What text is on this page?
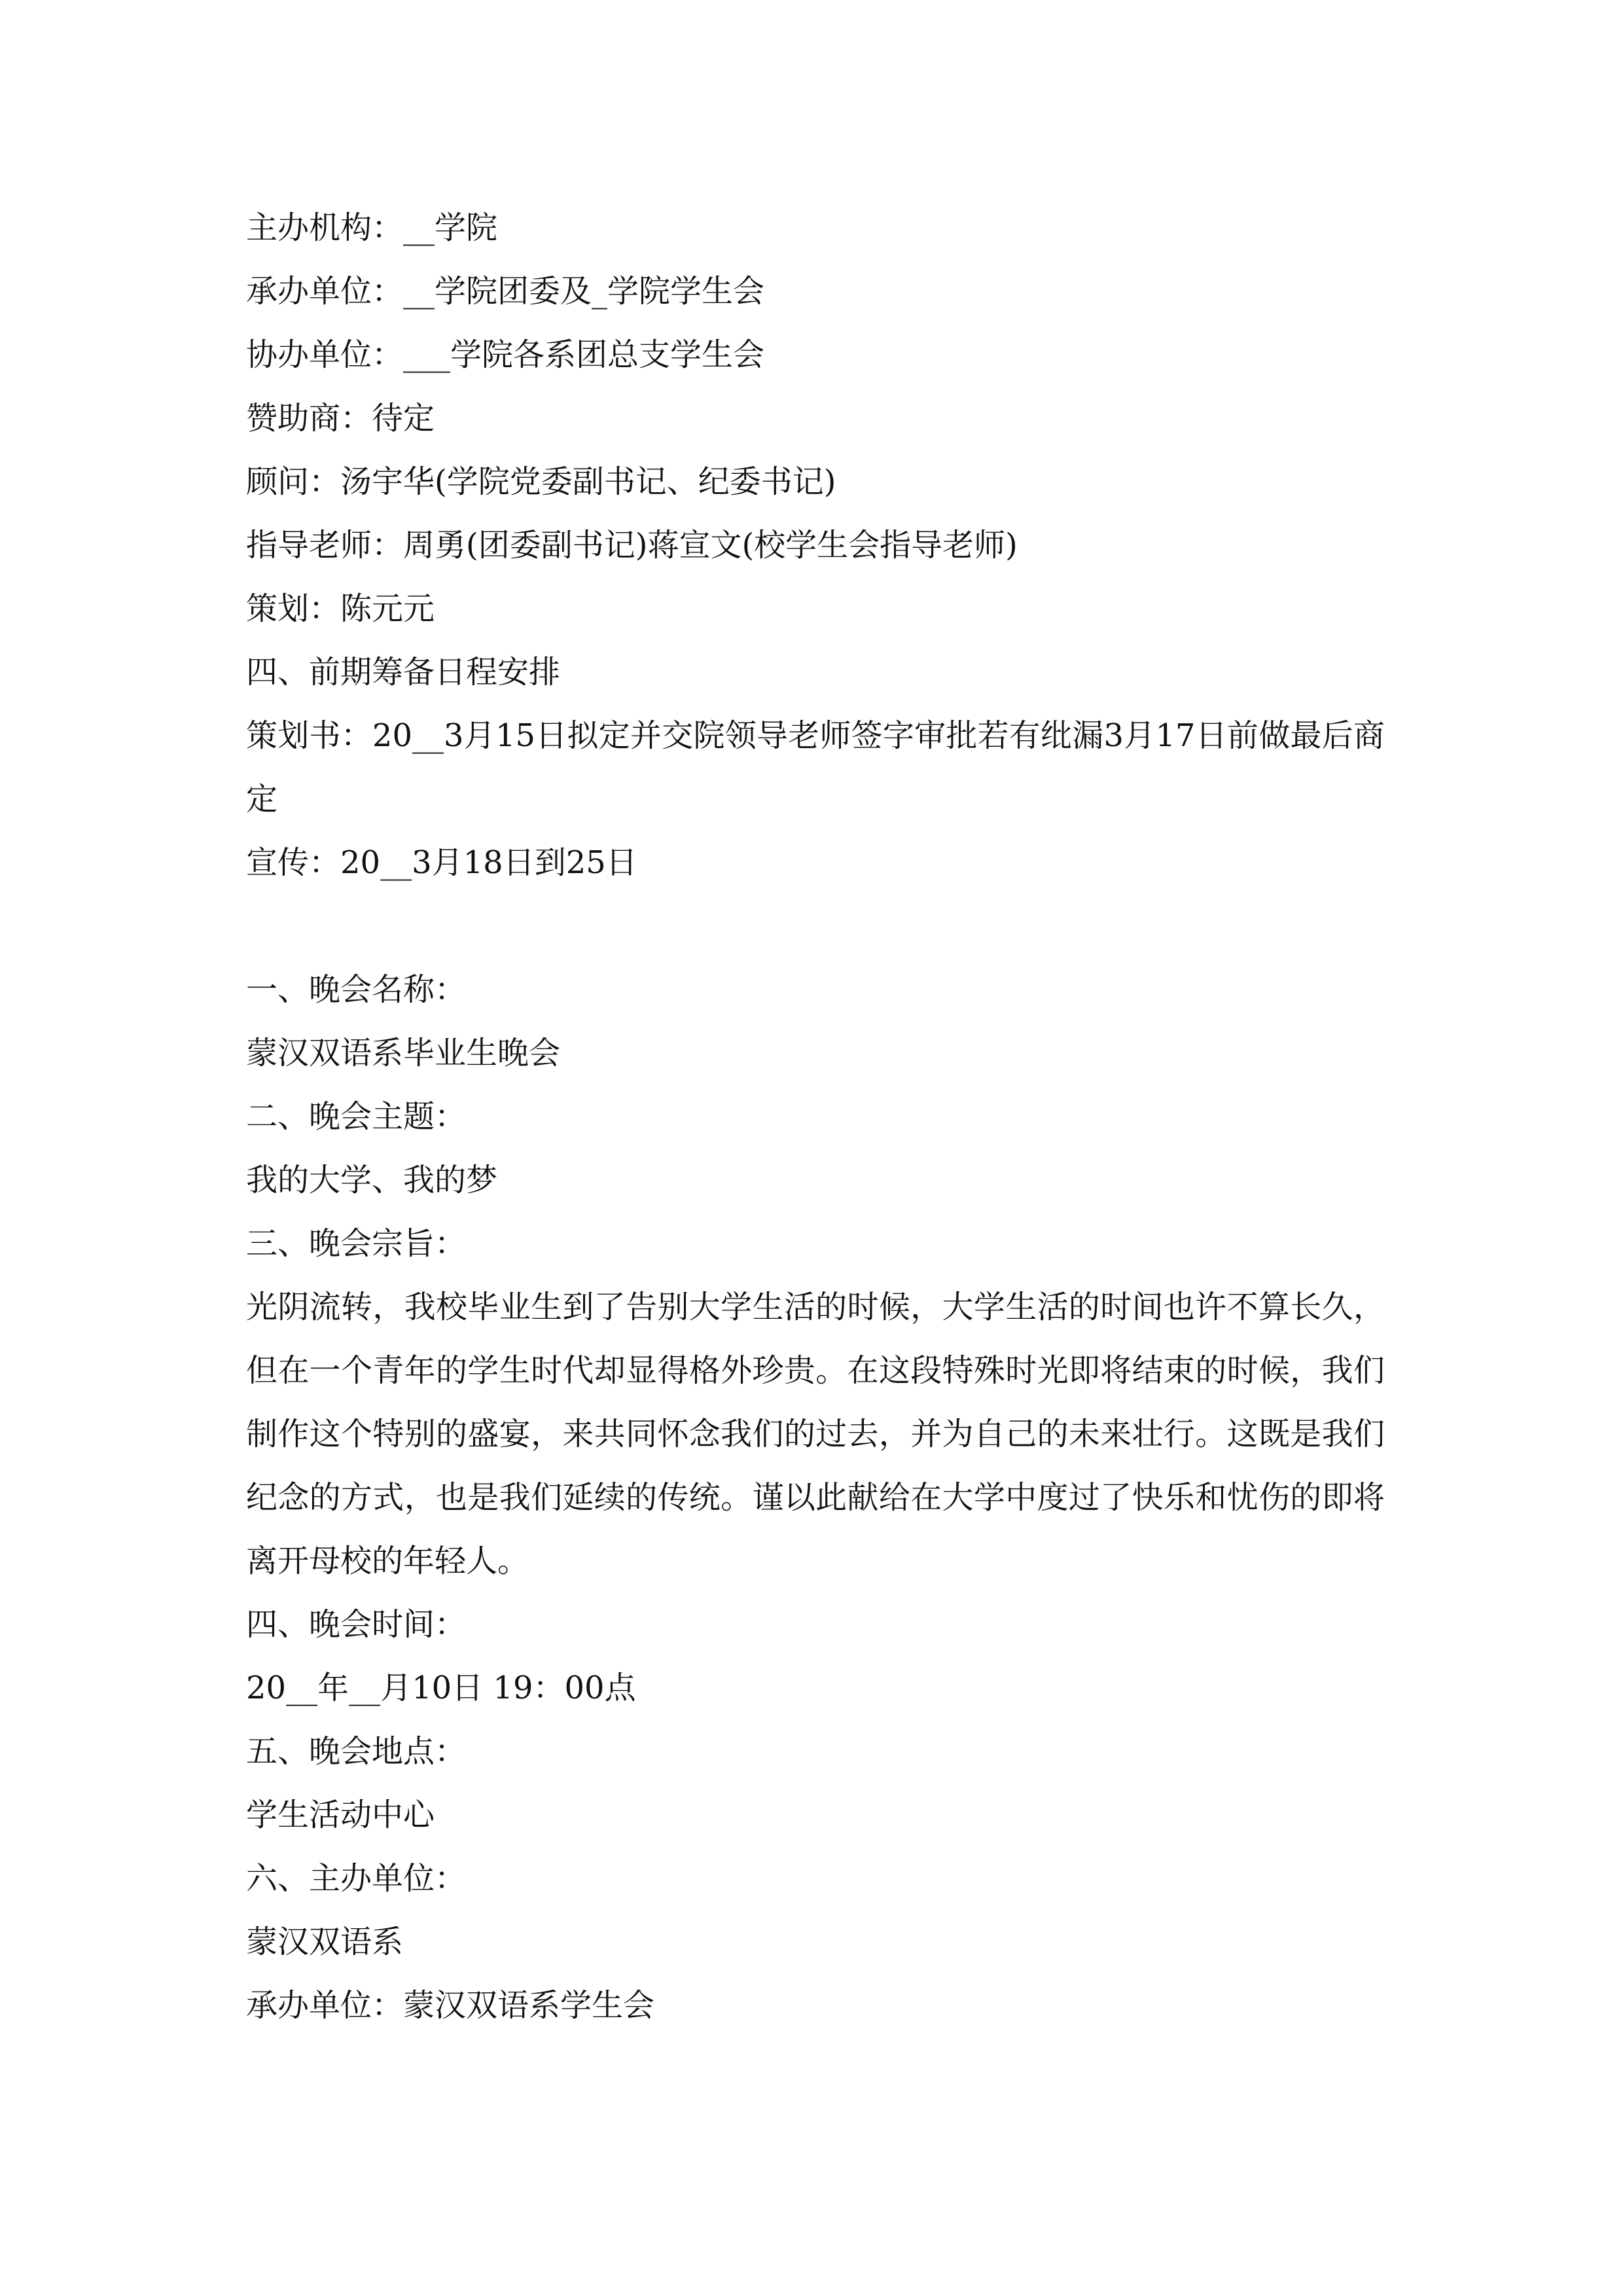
主办机构：__学院

承办单位：__学院团委及_学院学生会

协办单位：___学院各系团总支学生会

赞助商：待定

顾问：汤宇华(学院党委副书记、纪委书记)

指导老师：周勇(团委副书记)蒋宣文(校学生会指导老师)

策划：陈元元

四、前期筹备日程安排

策划书：20__3月15日拟定并交院领导老师签字审批若有纰漏3月17日前做最后商定

宣传：20__3月18日到25日

一、晚会名称：

蒙汉双语系毕业生晚会

二、晚会主题：

我的大学、我的梦

三、晚会宗旨：

光阴流转，我校毕业生到了告别大学生活的时候，大学生活的时间也许不算长久，但在一个青年的学生时代却显得格外珍贵。在这段特殊时光即将结束的时候，我们制作这个特别的盛宴，来共同怀念我们的过去，并为自己的未来壮行。这既是我们纪念的方式，也是我们延续的传统。谨以此献给在大学中度过了快乐和忧伤的即将离开母校的年轻人。

四、晚会时间：

20__年__月10日 19：00点

五、晚会地点：

学生活动中心

六、主办单位：

蒙汉双语系

承办单位：蒙汉双语系学生会
